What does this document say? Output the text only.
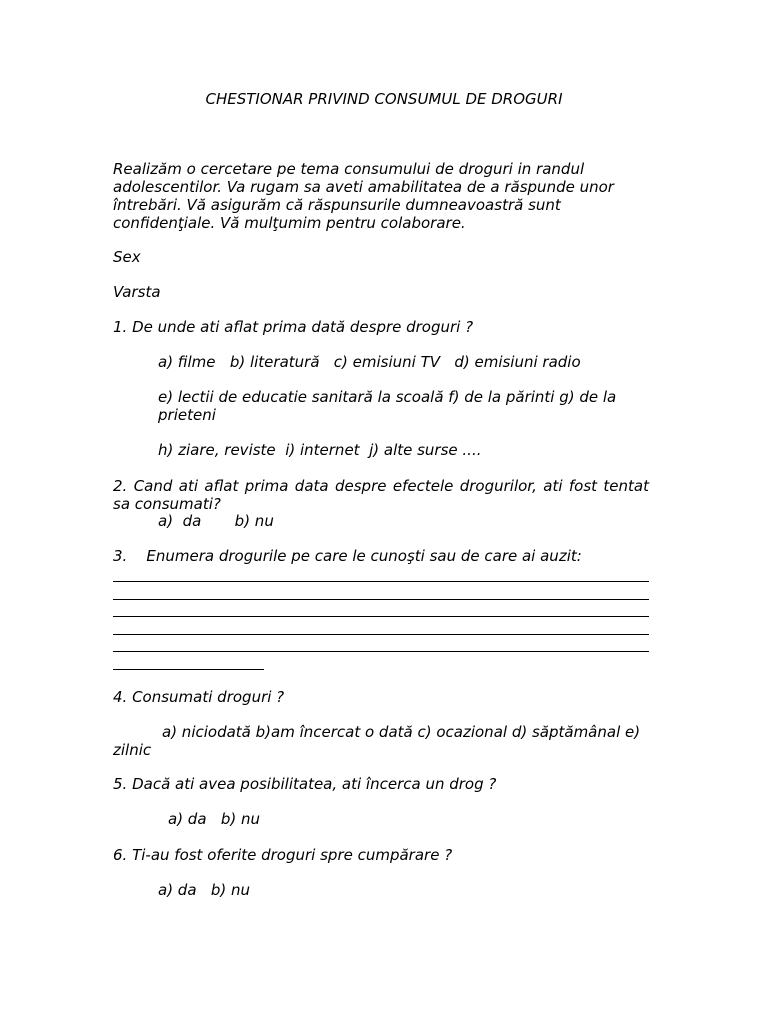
CHESTIONAR PRIVIND CONSUMUL DE DROGURI
Realizăm o cercetare pe tema consumului de droguri in randul adolescentilor. Va rugam sa aveti amabilitatea de a răspunde unor întrebări. Vă asigurăm că răspunsurile dumneavoastră sunt confidenţiale. Vă mulţumim pentru colaborare.
Sex
Varsta
1. De unde ati aflat prima dată despre droguri ?
a) filme   b) literatură   c) emisiuni TV   d) emisiuni radio
e) lectii de educatie sanitară la scoală f) de la părinti g) de la prieteni
h) ziare, reviste  i) internet  j) alte surse ....
2. Cand ati aflat prima data despre efectele drogurilor, ati fost tentat sa consumati?
a)  da       b) nu
3.    Enumera drogurile pe care le cunoşti sau de care ai auzit:
4. Consumati droguri ?
a) niciodată b)am încercat o dată c) ocazional d) săptămânal e) zilnic
5. Dacă ati avea posibilitatea, ati încerca un drog ?
a) da   b) nu
6. Ti-au fost oferite droguri spre cumpărare ?
a) da   b) nu
